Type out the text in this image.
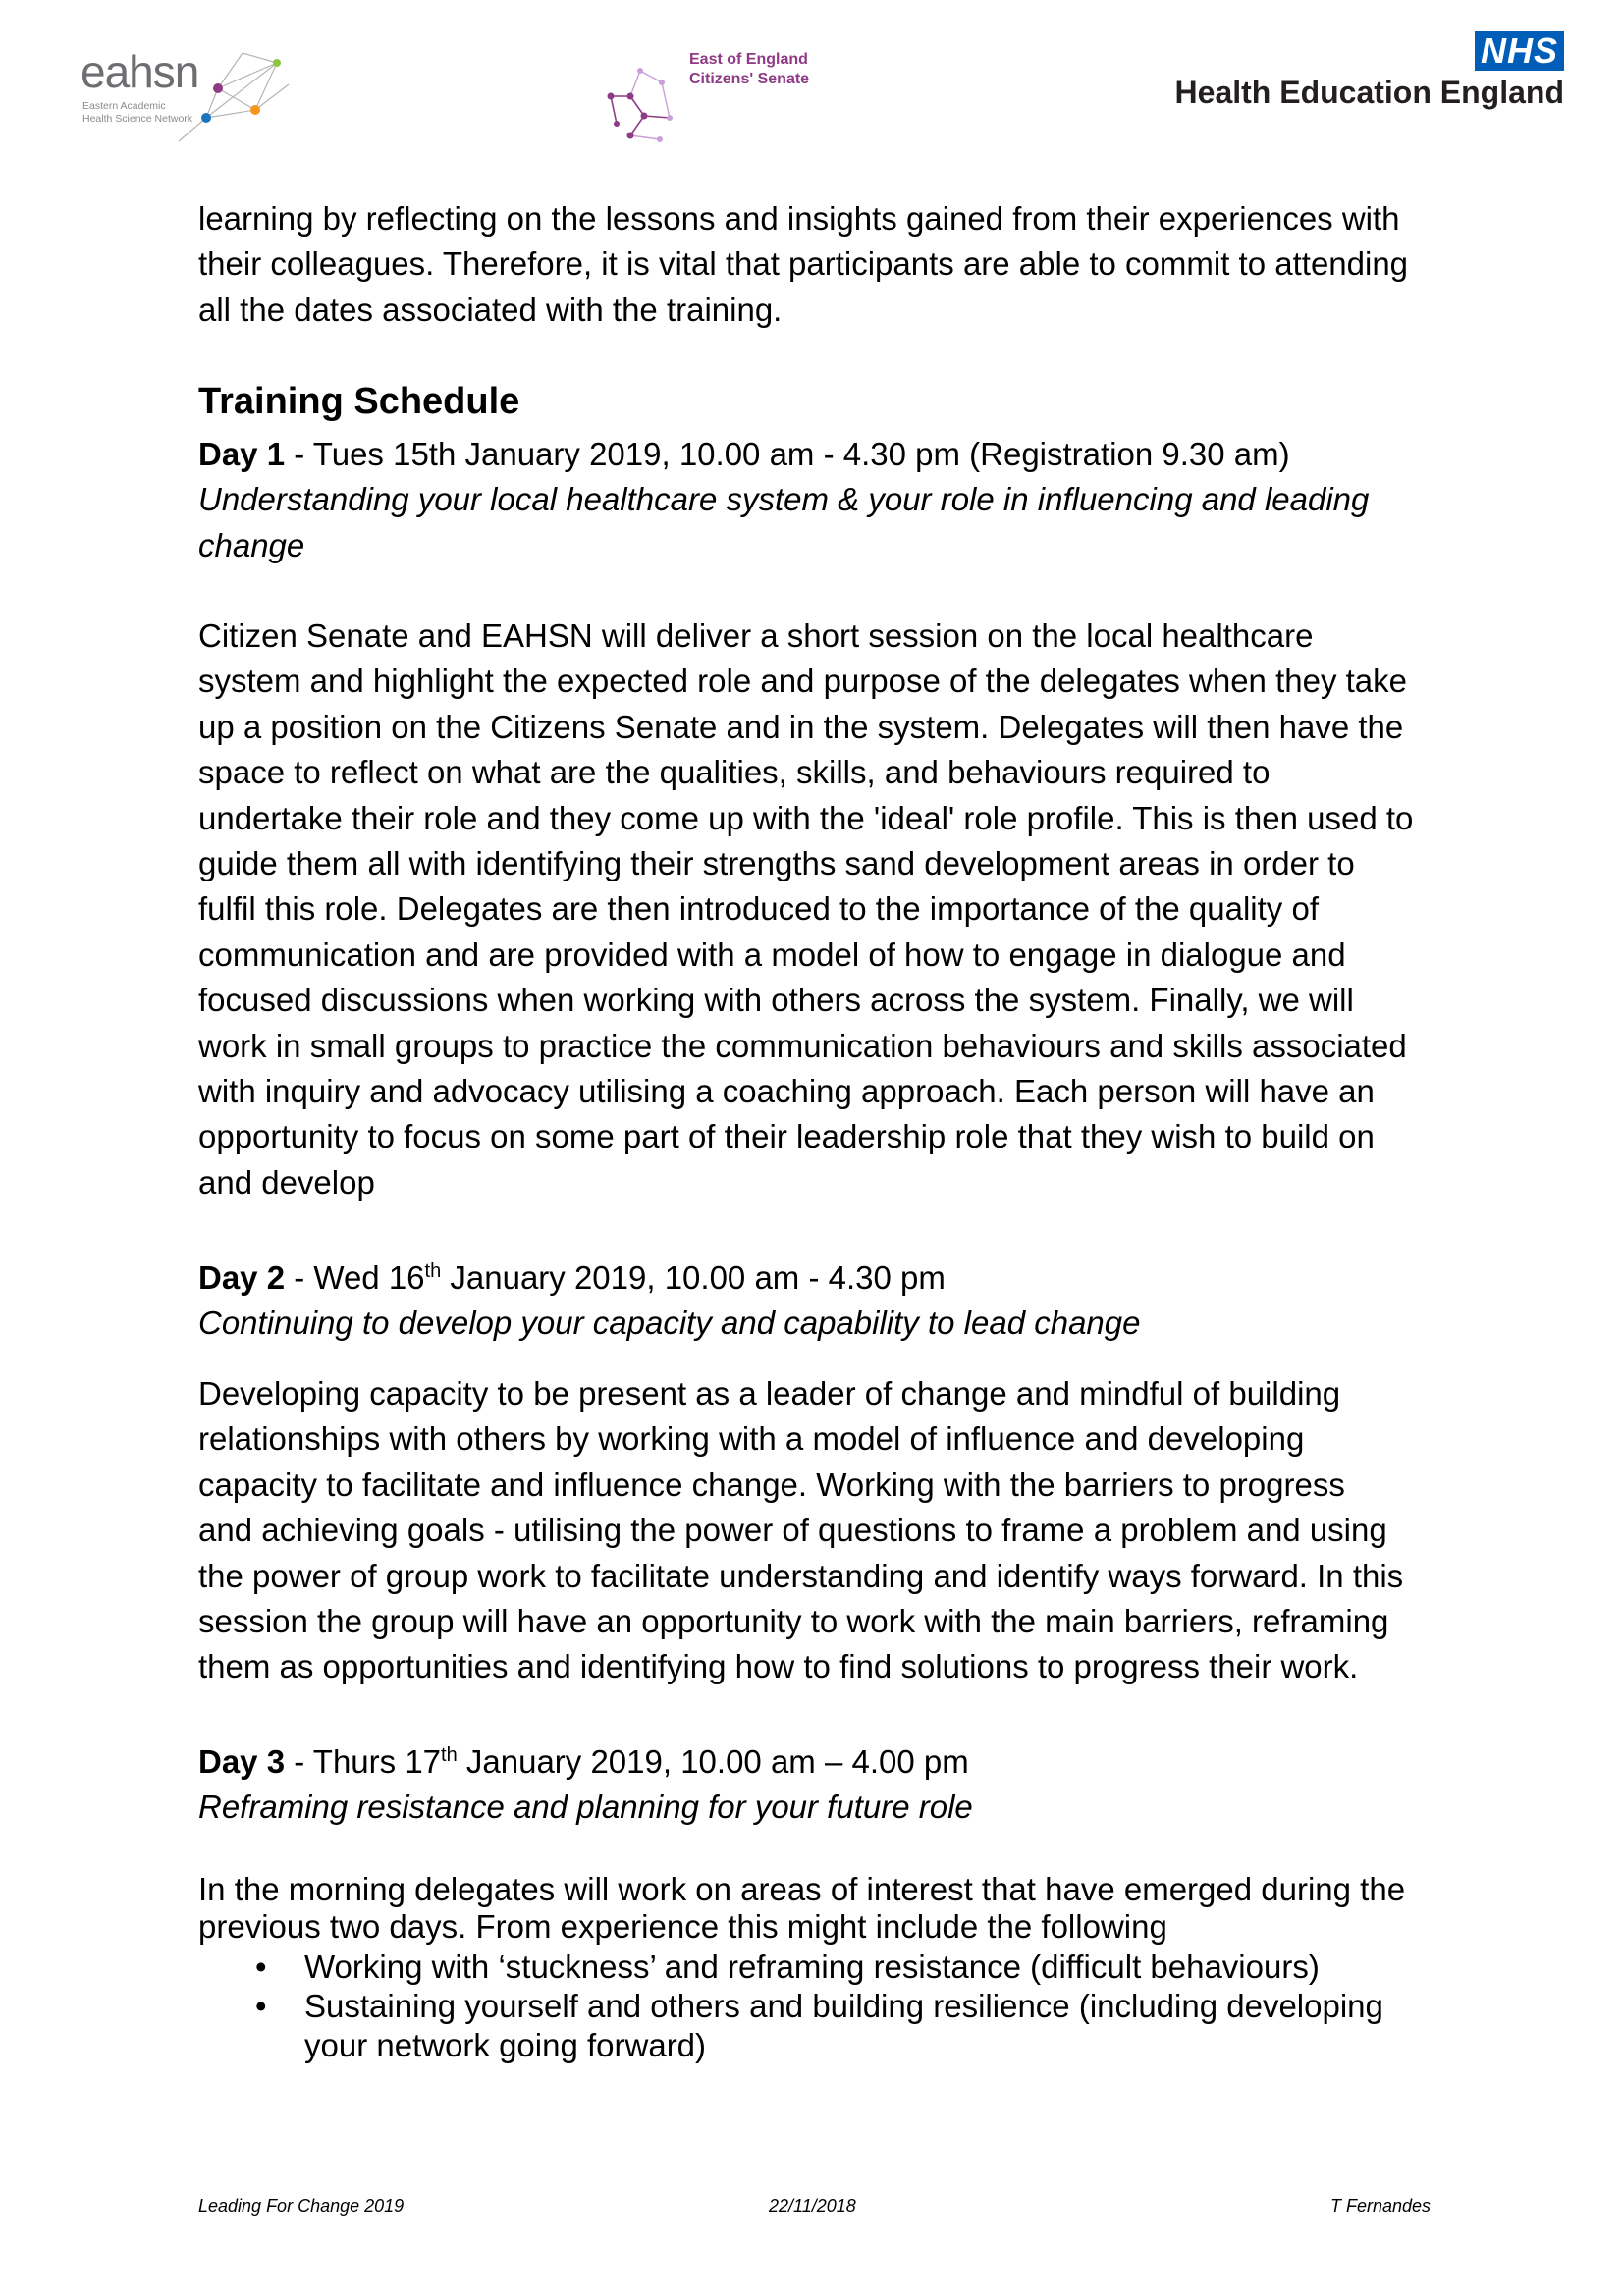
eahsn
Eastern Academic
Health Science Network
East of England
Citizens' Senate
NHS
Health Education England

learning by reflecting on the lessons and insights gained from their experiences with

their colleagues. Therefore, it is vital that participants are able to commit to attending

all the dates associated with the training.

Training Schedule

Day 1 - Tues 15th January 2019, 10.00 am - 4.30 pm (Registration 9.30 am)

Understanding your local healthcare system & your role in influencing and leading

change

Citizen Senate and EAHSN will deliver a short session on the local healthcare

system and highlight the expected role and purpose of the delegates when they take

up a position on the Citizens Senate and in the system. Delegates will then have the

space to reflect on what are the qualities, skills, and behaviours required to

undertake their role and they come up with the 'ideal' role profile. This is then used to

guide them all with identifying their strengths sand development areas in order to

fulfil this role. Delegates are then introduced to the importance of the quality of

communication and are provided with a model of how to engage in dialogue and

focused discussions when working with others across the system. Finally, we will

work in small groups to practice the communication behaviours and skills associated

with inquiry and advocacy utilising a coaching approach. Each person will have an

opportunity to focus on some part of their leadership role that they wish to build on

and develop

Day 2 - Wed 16th January 2019, 10.00 am - 4.30 pm

Continuing to develop your capacity and capability to lead change

Developing capacity to be present as a leader of change and mindful of building

relationships with others by working with a model of influence and developing

capacity to facilitate and influence change. Working with the barriers to progress

and achieving goals - utilising the power of questions to frame a problem and using

the power of group work to facilitate understanding and identify ways forward. In this

session the group will have an opportunity to work with the main barriers, reframing

them as opportunities and identifying how to find solutions to progress their work.

Day 3 - Thurs 17th January 2019, 10.00 am – 4.00 pm

Reframing resistance and planning for your future role

In the morning delegates will work on areas of interest that have emerged during the

previous two days. From experience this might include the following

• Working with ‘stuckness’ and reframing resistance (difficult behaviours)
• Sustaining yourself and others and building resilience (including developing your network going forward)
Leading For Change 2019	22/11/2018	T Fernandes
